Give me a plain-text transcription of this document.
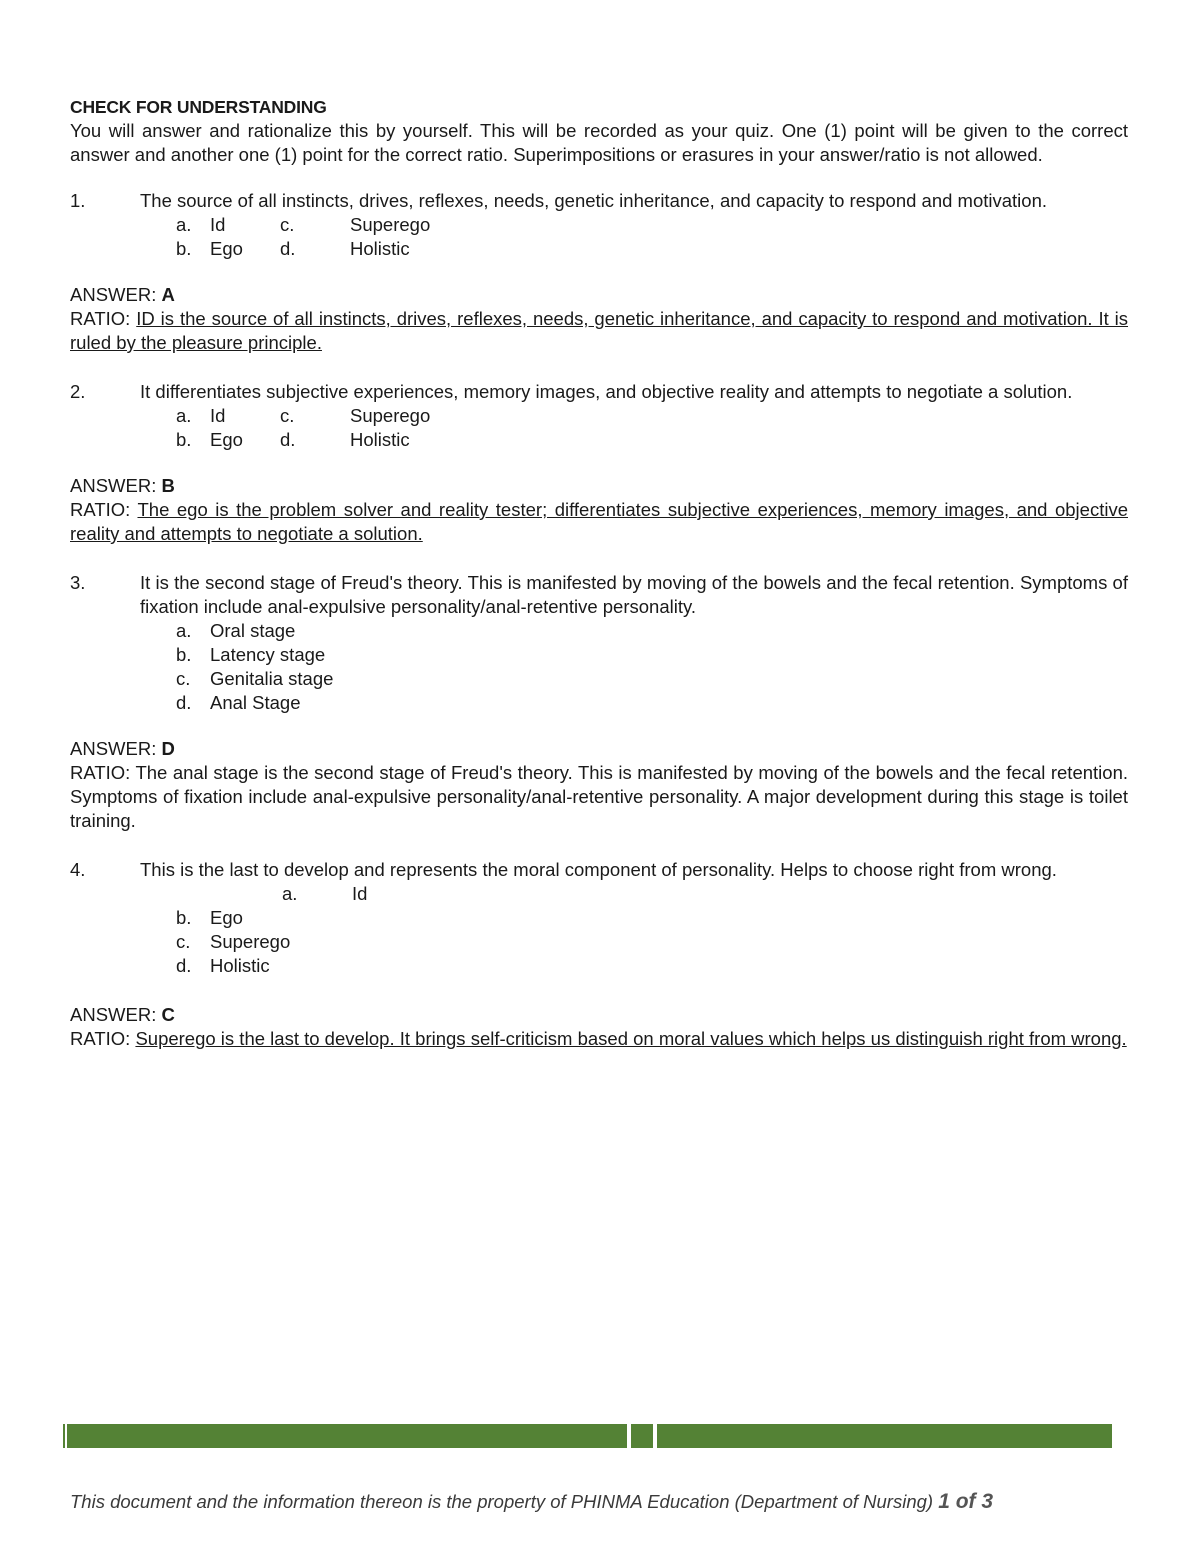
CHECK FOR UNDERSTANDING
You will answer and rationalize this by yourself. This will be recorded as your quiz. One (1) point will be given to the correct answer and another one (1) point for the correct ratio. Superimpositions or erasures in your answer/ratio is not allowed.
1.	The source of all instincts, drives, reflexes, needs, genetic inheritance, and capacity to respond and motivation.
a.	Id	c.	Superego
b.	Ego	d.	Holistic
ANSWER: A
RATIO: ID is the source of all instincts, drives, reflexes, needs, genetic inheritance, and capacity to respond and motivation. It is ruled by the pleasure principle.
2.	It differentiates subjective experiences, memory images, and objective reality and attempts to negotiate a solution.
a.	Id	c.	Superego
b.	Ego	d.	Holistic
ANSWER: B
RATIO: The ego is the problem solver and reality tester; differentiates subjective experiences, memory images, and objective reality and attempts to negotiate a solution.
3.	It is the second stage of Freud's theory. This is manifested by moving of the bowels and the fecal retention. Symptoms of fixation include anal-expulsive personality/anal-retentive personality.
a.	Oral stage
b.	Latency stage
c.	Genitalia stage
d.	Anal Stage
ANSWER: D
RATIO: The anal stage is the second stage of Freud's theory. This is manifested by moving of the bowels and the fecal retention. Symptoms of fixation include anal-expulsive personality/anal-retentive personality. A major development during this stage is toilet training.
4.	This is the last to develop and represents the moral component of personality. Helps to choose right from wrong.
a.	Id
b.	Ego
c.	Superego
d.	Holistic
ANSWER: C
RATIO: Superego is the last to develop. It brings self-criticism based on moral values which helps us distinguish right from wrong.
This document and the information thereon is the property of PHINMA Education (Department of Nursing) 1 of 3
